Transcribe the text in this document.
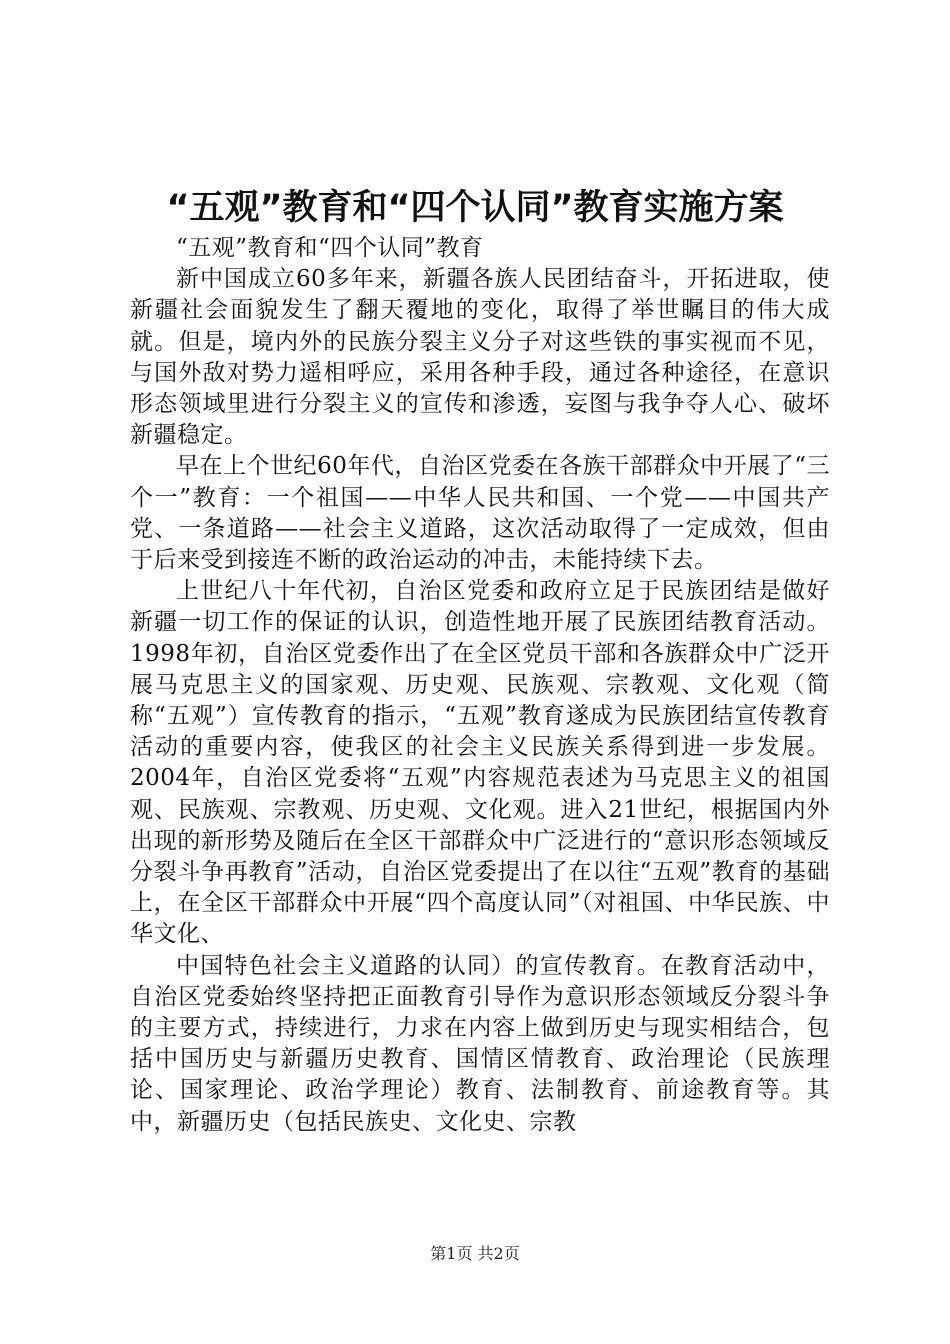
“五观”教育和“四个认同”教育实施方案

“五观”教育和“四个认同”教育

新中国成立60多年来，新疆各族人民团结奋斗，开拓进取，使新疆社会面貌发生了翻天覆地的变化，取得了举世瞩目的伟大成就。但是，境内外的民族分裂主义分子对这些铁的事实视而不见，与国外敌对势力遥相呼应，采用各种手段，通过各种途径，在意识形态领域里进行分裂主义的宣传和渗透，妄图与我争夺人心、破坏新疆稳定。

早在上个世纪60年代，自治区党委在各族干部群众中开展了“三个一”教育：一个祖国——中华人民共和国、一个党——中国共产党、一条道路——社会主义道路，这次活动取得了一定成效，但由于后来受到接连不断的政治运动的冲击，未能持续下去。

上世纪八十年代初，自治区党委和政府立足于民族团结是做好新疆一切工作的保证的认识，创造性地开展了民族团结教育活动。1998年初，自治区党委作出了在全区党员干部和各族群众中广泛开展马克思主义的国家观、历史观、民族观、宗教观、文化观（简称“五观”）宣传教育的指示，“五观”教育遂成为民族团结宣传教育活动的重要内容，使我区的社会主义民族关系得到进一步发展。2004年，自治区党委将“五观”内容规范表述为马克思主义的祖国观、民族观、宗教观、历史观、文化观。进入21世纪，根据国内外出现的新形势及随后在全区干部群众中广泛进行的“意识形态领域反分裂斗争再教育”活动，自治区党委提出了在以往“五观”教育的基础上，在全区干部群众中开展“四个高度认同”（对祖国、中华民族、中华文化、

中国特色社会主义道路的认同）的宣传教育。在教育活动中，自治区党委始终坚持把正面教育引导作为意识形态领域反分裂斗争的主要方式，持续进行，力求在内容上做到历史与现实相结合，包括中国历史与新疆历史教育、国情区情教育、政治理论（民族理论、国家理论、政治学理论）教育、法制教育、前途教育等。其中，新疆历史（包括民族史、文化史、宗教

第1页 共2页
